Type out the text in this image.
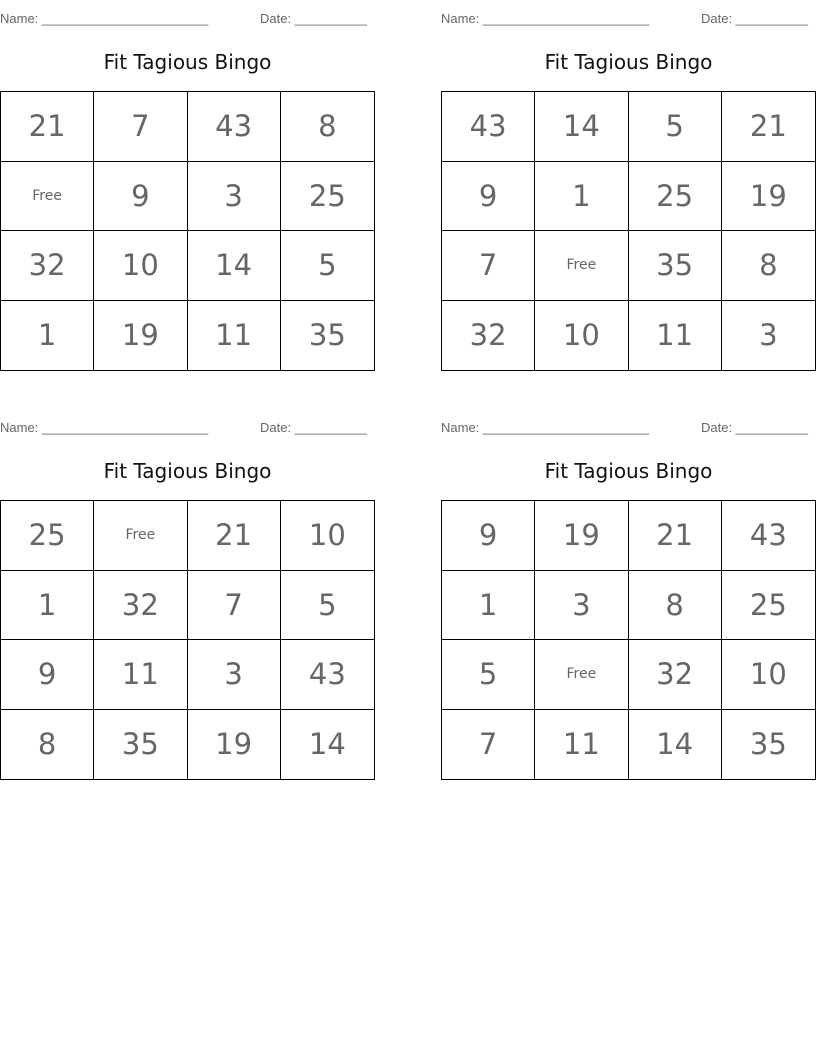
Name: _______________________	Date: __________
Fit Tagious Bingo
21	7	43	8
Free	9	3	25
32	10	14	5
1	19	11	35
Name: _______________________	Date: __________
Fit Tagious Bingo
43	14	5	21
9	1	25	19
7	Free	35	8
32	10	11	3
Name: _______________________	Date: __________
Fit Tagious Bingo
25	Free	21	10
1	32	7	5
9	11	3	43
8	35	19	14
Name: _______________________	Date: __________
Fit Tagious Bingo
9	19	21	43
1	3	8	25
5	Free	32	10
7	11	14	35
